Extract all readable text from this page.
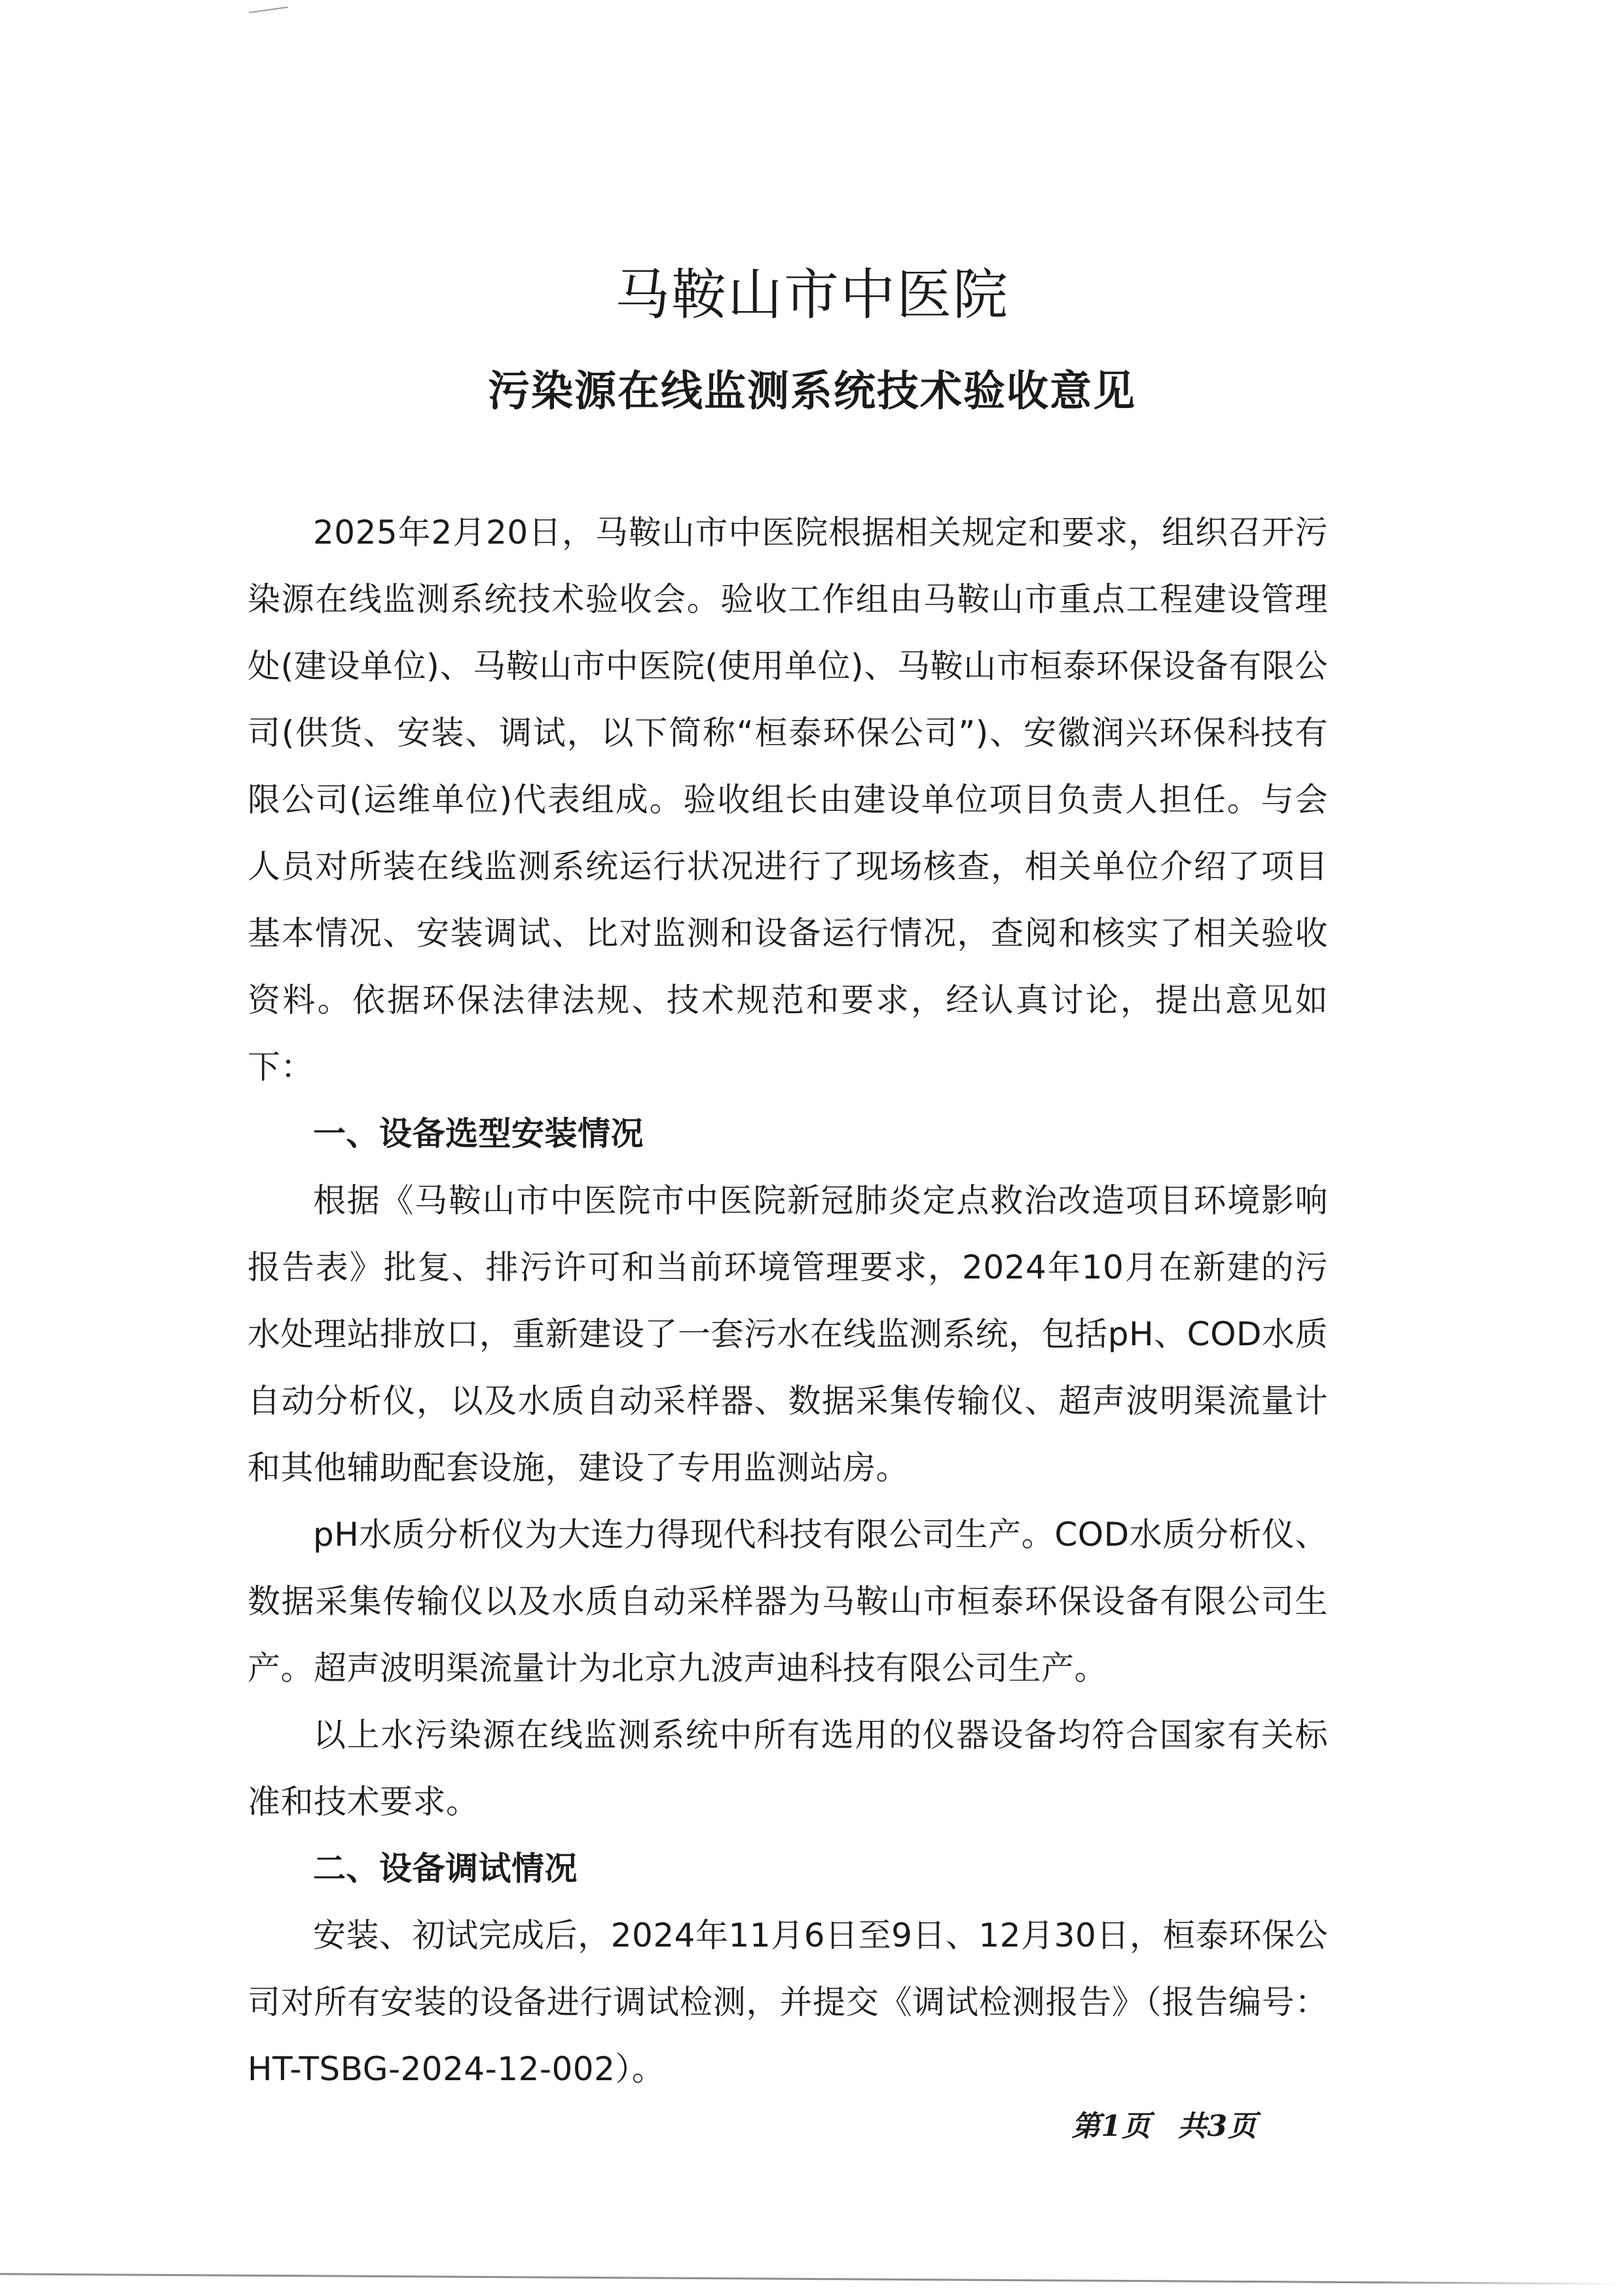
马鞍山市中医院
污染源在线监测系统技术验收意见

2025年2月20日，马鞍山市中医院根据相关规定和要求，组织召开污染源在线监测系统技术验收会。验收工作组由马鞍山市重点工程建设管理处(建设单位)、马鞍山市中医院(使用单位)、马鞍山市桓泰环保设备有限公司(供货、安装、调试，以下简称“桓泰环保公司”)、安徽润兴环保科技有限公司(运维单位)代表组成。验收组长由建设单位项目负责人担任。与会人员对所装在线监测系统运行状况进行了现场核查，相关单位介绍了项目基本情况、安装调试、比对监测和设备运行情况，查阅和核实了相关验收资料。依据环保法律法规、技术规范和要求，经认真讨论，提出意见如下：

一、设备选型安装情况

根据《马鞍山市中医院市中医院新冠肺炎定点救治改造项目环境影响报告表》批复、排污许可和当前环境管理要求，2024年10月在新建的污水处理站排放口，重新建设了一套污水在线监测系统，包括pH、COD水质自动分析仪，以及水质自动采样器、数据采集传输仪、超声波明渠流量计和其他辅助配套设施，建设了专用监测站房。

pH水质分析仪为大连力得现代科技有限公司生产。COD水质分析仪、数据采集传输仪以及水质自动采样器为马鞍山市桓泰环保设备有限公司生产。超声波明渠流量计为北京九波声迪科技有限公司生产。

以上水污染源在线监测系统中所有选用的仪器设备均符合国家有关标准和技术要求。

二、设备调试情况

安装、初试完成后，2024年11月6日至9日、12月30日，桓泰环保公司对所有安装的设备进行调试检测，并提交《调试检测报告》（报告编号：HT-TSBG-2024-12-002）。

第1页 共3页
